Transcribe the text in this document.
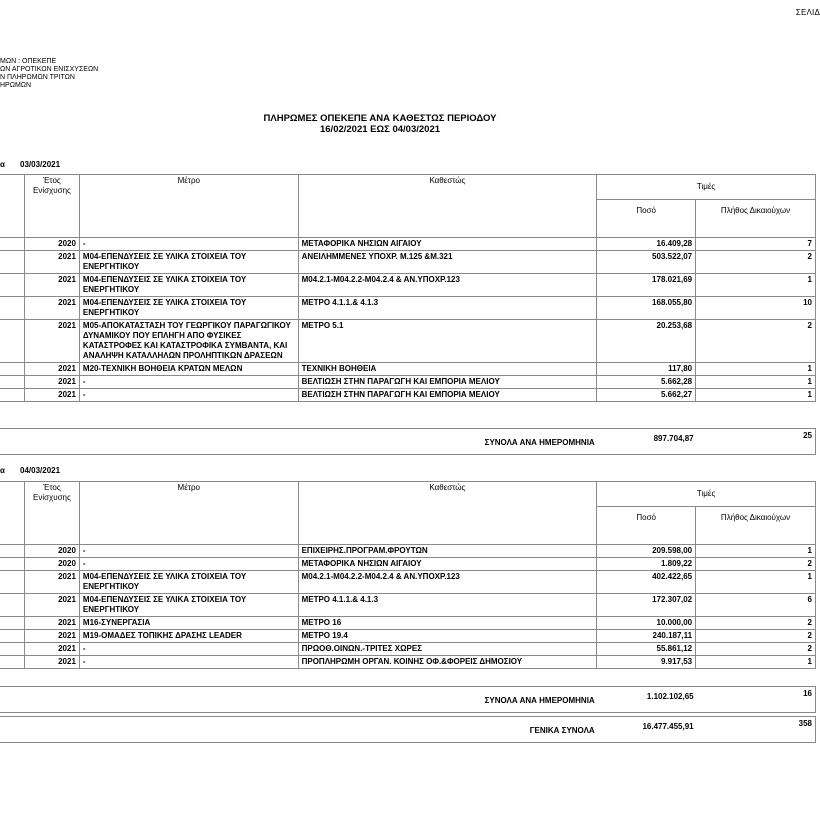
ΣΕΛΙΔ
ΜΩΝ : ΟΠΕΚΕΠΕ
ΩΝ ΑΓΡΟΤΙΚΩΝ ΕΝΙΣΧΥΣΕΩΝ
Ν ΠΛΗΡΩΜΩΝ ΤΡΙΤΩΝ
ΗΡΩΜΩΝ
ΠΛΗΡΩΜΕΣ ΟΠΕΚΕΠΕ ΑΝΑ ΚΑΘΕΣΤΩΣ ΠΕΡΙΟΔΟΥ
16/02/2021 ΕΩΣ 04/03/2021
α 03/03/2021
	Έτος Ενίσχυσης	Μέτρο	Καθεστώς	Τιμές	
				Ποσό	Πλήθος Δικαιούχων
	2020	-	ΜΕΤΑΦΟΡΙΚΑ ΝΗΣΙΩΝ ΑΙΓΑΙΟΥ	16.409,28	7
	2021	M04-ΕΠΕΝΔΥΣΕΙΣ ΣΕ ΥΛΙΚΑ ΣΤΟΙΧΕΙΑ ΤΟΥ ΕΝΕΡΓΗΤΙΚΟΥ	ΑΝΕΙΛΗΜΜΕΝΕΣ ΥΠΟΧΡ. Μ.125 &Μ.321	503.522,07	2
	2021	M04-ΕΠΕΝΔΥΣΕΙΣ ΣΕ ΥΛΙΚΑ ΣΤΟΙΧΕΙΑ ΤΟΥ ΕΝΕΡΓΗΤΙΚΟΥ	Μ04.2.1-Μ04.2.2-Μ04.2.4 & ΑΝ.ΥΠΟΧΡ.123	178.021,69	1
	2021	M04-ΕΠΕΝΔΥΣΕΙΣ ΣΕ ΥΛΙΚΑ ΣΤΟΙΧΕΙΑ ΤΟΥ ΕΝΕΡΓΗΤΙΚΟΥ	ΜΕΤΡΟ 4.1.1.& 4.1.3	168.055,80	10
	2021	M05-ΑΠΟΚΑΤΑΣΤΑΣΗ ΤΟΥ ΓΕΩΡΓΙΚΟΥ ΠΑΡΑΓΩΓΙΚΟΥ ΔΥΝΑΜΙΚΟΥ ΠΟΥ ΕΠΛΗΓΗ ΑΠΟ ΦΥΣΙΚΕΣ ΚΑΤΑΣΤΡΟΦΕΣ ΚΑΙ ΚΑΤΑΣΤΡΟΦΙΚΑ ΣΥΜΒΑΝΤΑ, ΚΑΙ ΑΝΑΛΗΨΗ ΚΑΤΑΛΛΗΛΩΝ ΠΡΟΛΗΠΤΙΚΩΝ ΔΡΑΣΕΩΝ	ΜΕΤΡΟ 5.1	20.253,68	2
	2021	M20-ΤΕΧΝΙΚΗ ΒΟΗΘΕΙΑ ΚΡΑΤΩΝ ΜΕΛΩΝ	ΤΕΧΝΙΚΗ ΒΟΗΘΕΙΑ	117,80	1
	2021	-	ΒΕΛΤΙΩΣΗ ΣΤΗΝ ΠΑΡΑΓΩΓΗ ΚΑΙ ΕΜΠΟΡΙΑ ΜΕΛΙΟΥ	5.662,28	1
	2021	-	ΒΕΛΤΙΩΣΗ ΣΤΗΝ ΠΑΡΑΓΩΓΗ ΚΑΙ ΕΜΠΟΡΙΑ ΜΕΛΙΟΥ	5.662,27	1
ΣΥΝΟΛΑ ΑΝΑ ΗΜΕΡΟΜΗΝΙΑ	897.704,87	25
α 04/03/2021
	Έτος Ενίσχυσης	Μέτρο	Καθεστώς	Τιμές	
				Ποσό	Πλήθος Δικαιούχων
	2020	-	ΕΠΙΧΕΙΡΗΣ.ΠΡΟΓΡΑΜ.ΦΡΟΥΤΩΝ	209.598,00	1
	2020	-	ΜΕΤΑΦΟΡΙΚΑ ΝΗΣΙΩΝ ΑΙΓΑΙΟΥ	1.809,22	2
	2021	M04-ΕΠΕΝΔΥΣΕΙΣ ΣΕ ΥΛΙΚΑ ΣΤΟΙΧΕΙΑ ΤΟΥ ΕΝΕΡΓΗΤΙΚΟΥ	Μ04.2.1-Μ04.2.2-Μ04.2.4 & ΑΝ.ΥΠΟΧΡ.123	402.422,65	1
	2021	M04-ΕΠΕΝΔΥΣΕΙΣ ΣΕ ΥΛΙΚΑ ΣΤΟΙΧΕΙΑ ΤΟΥ ΕΝΕΡΓΗΤΙΚΟΥ	ΜΕΤΡΟ 4.1.1.& 4.1.3	172.307,02	6
	2021	M16-ΣΥΝΕΡΓΑΣΙΑ	ΜΕΤΡΟ 16	10.000,00	2
	2021	M19-ΟΜΑΔΕΣ ΤΟΠΙΚΗΣ ΔΡΑΣΗΣ LEADER	ΜΕΤΡΟ 19.4	240.187,11	2
	2021	-	ΠΡΩΟΘ.ΟΙΝΩΝ.-ΤΡΙΤΕΣ ΧΩΡΕΣ	55.861,12	2
	2021	-	ΠΡΟΠΛΗΡΩΜΗ ΟΡΓΑΝ. ΚΟΙΝΗΣ ΟΦ.&ΦΟΡΕΙΣ ΔΗΜΟΣΙΟΥ	9.917,53	1
ΣΥΝΟΛΑ ΑΝΑ ΗΜΕΡΟΜΗΝΙΑ	1.102.102,65	16
ΓΕΝΙΚΑ ΣΥΝΟΛΑ	16.477.455,91	358
